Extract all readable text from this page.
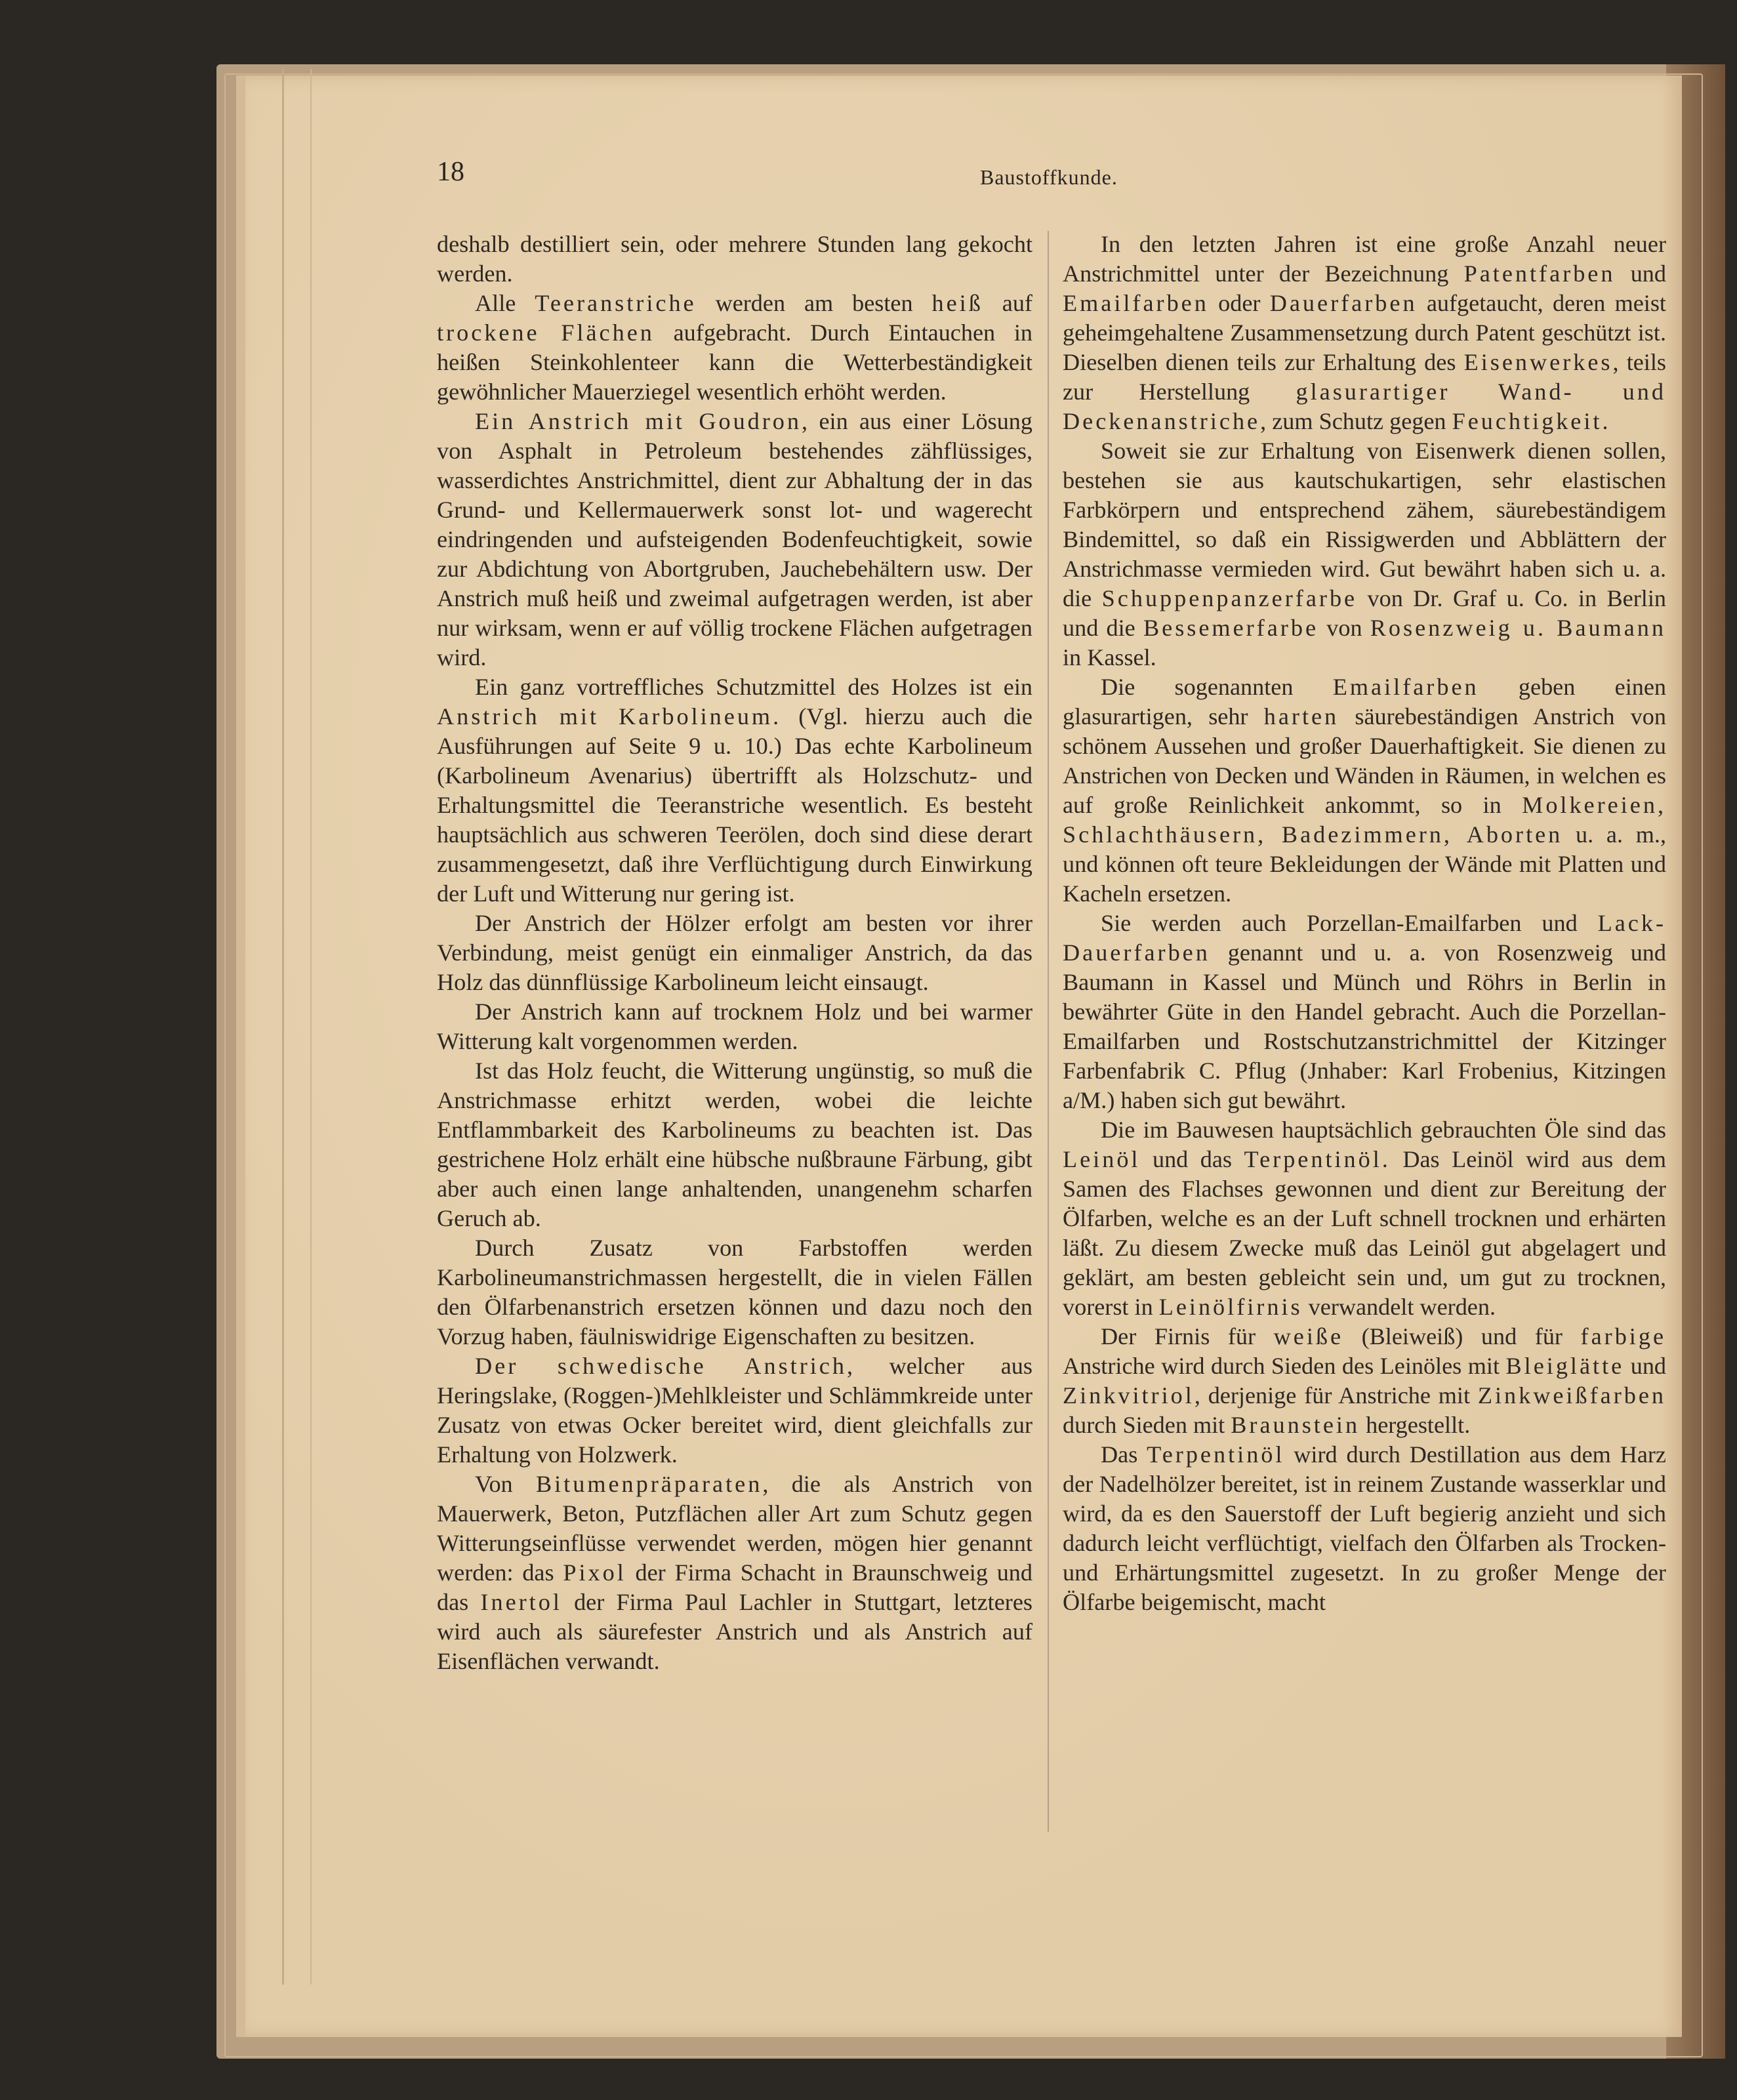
18	Baustoffkunde.

deshalb destilliert sein, oder mehrere Stunden lang gekocht werden.

Alle Teeranstriche werden am besten heiß auf trockene Flächen aufgebracht. Durch Eintauchen in heißen Steinkohlenteer kann die Wetterbeständigkeit gewöhnlicher Mauerziegel wesentlich erhöht werden.

Ein Anstrich mit Goudron, ein aus einer Lösung von Asphalt in Petroleum bestehendes zähflüssiges, wasserdichtes Anstrichmittel, dient zur Abhaltung der in das Grund- und Kellermauerwerk sonst lot- und wagerecht eindringenden und aufsteigenden Bodenfeuchtigkeit, sowie zur Abdichtung von Abortgruben, Jauchebehältern usw. Der Anstrich muß heiß und zweimal aufgetragen werden, ist aber nur wirksam, wenn er auf völlig trockene Flächen aufgetragen wird.

Ein ganz vortreffliches Schutzmittel des Holzes ist ein Anstrich mit Karbolineum. (Vgl. hierzu auch die Ausführungen auf Seite 9 u. 10.) Das echte Karbolineum (Karbolineum Avenarius) übertrifft als Holzschutz- und Erhaltungsmittel die Teeranstriche wesentlich. Es besteht hauptsächlich aus schweren Teerölen, doch sind diese derart zusammengesetzt, daß ihre Verflüchtigung durch Einwirkung der Luft und Witterung nur gering ist.

Der Anstrich der Hölzer erfolgt am besten vor ihrer Verbindung, meist genügt ein einmaliger Anstrich, da das Holz das dünnflüssige Karbolineum leicht einsaugt.

Der Anstrich kann auf trocknem Holz und bei warmer Witterung kalt vorgenommen werden.

Ist das Holz feucht, die Witterung ungünstig, so muß die Anstrichmasse erhitzt werden, wobei die leichte Entflammbarkeit des Karbolineums zu beachten ist. Das gestrichene Holz erhält eine hübsche nußbraune Färbung, gibt aber auch einen lange anhaltenden, unangenehm scharfen Geruch ab.

Durch Zusatz von Farbstoffen werden Karbolineumanstrichmassen hergestellt, die in vielen Fällen den Ölfarbenanstrich ersetzen können und dazu noch den Vorzug haben, fäulniswidrige Eigenschaften zu besitzen.

Der schwedische Anstrich, welcher aus Heringslake, (Roggen-)Mehlkleister und Schlämmkreide unter Zusatz von etwas Ocker bereitet wird, dient gleichfalls zur Erhaltung von Holzwerk.

Von Bitumenpräparaten, die als Anstrich von Mauerwerk, Beton, Putzflächen aller Art zum Schutz gegen Witterungseinflüsse verwendet werden, mögen hier genannt werden: das Pixol der Firma Schacht in Braunschweig und das Inertol der Firma Paul Lachler in Stuttgart, letzteres wird auch als säurefester Anstrich und als Anstrich auf Eisenflächen verwandt.

In den letzten Jahren ist eine große Anzahl neuer Anstrichmittel unter der Bezeichnung Patentfarben und Emailfarben oder Dauerfarben aufgetaucht, deren meist geheimgehaltene Zusammensetzung durch Patent geschützt ist. Dieselben dienen teils zur Erhaltung des Eisenwerkes, teils zur Herstellung glasurartiger Wand- und Deckenanstriche, zum Schutz gegen Feuchtigkeit.

Soweit sie zur Erhaltung von Eisenwerk dienen sollen, bestehen sie aus kautschukartigen, sehr elastischen Farbkörpern und entsprechend zähem, säurebeständigem Bindemittel, so daß ein Rissigwerden und Abblättern der Anstrichmasse vermieden wird. Gut bewährt haben sich u. a. die Schuppenpanzerfarbe von Dr. Graf u. Co. in Berlin und die Bessemerfarbe von Rosenzweig u. Baumann in Kassel.

Die sogenannten Emailfarben geben einen glasurartigen, sehr harten säurebeständigen Anstrich von schönem Aussehen und großer Dauerhaftigkeit. Sie dienen zu Anstrichen von Decken und Wänden in Räumen, in welchen es auf große Reinlichkeit ankommt, so in Molkereien, Schlachthäusern, Badezimmern, Aborten u. a. m., und können oft teure Bekleidungen der Wände mit Platten und Kacheln ersetzen.

Sie werden auch Porzellan-Emailfarben und Lack-Dauerfarben genannt und u. a. von Rosenzweig und Baumann in Kassel und Münch und Röhrs in Berlin in bewährter Güte in den Handel gebracht. Auch die Porzellan-Emailfarben und Rostschutzanstrichmittel der Kitzinger Farbenfabrik C. Pflug (Jnhaber: Karl Frobenius, Kitzingen a/M.) haben sich gut bewährt.

Die im Bauwesen hauptsächlich gebrauchten Öle sind das Leinöl und das Terpentinöl. Das Leinöl wird aus dem Samen des Flachses gewonnen und dient zur Bereitung der Ölfarben, welche es an der Luft schnell trocknen und erhärten läßt. Zu diesem Zwecke muß das Leinöl gut abgelagert und geklärt, am besten gebleicht sein und, um gut zu trocknen, vorerst in Leinölfirnis verwandelt werden.

Der Firnis für weiße (Bleiweiß) und für farbige Anstriche wird durch Sieden des Leinöles mit Bleiglätte und Zinkvitriol, derjenige für Anstriche mit Zinkweißfarben durch Sieden mit Braunstein hergestellt.

Das Terpentinöl wird durch Destillation aus dem Harz der Nadelhölzer bereitet, ist in reinem Zustande wasserklar und wird, da es den Sauerstoff der Luft begierig anzieht und sich dadurch leicht verflüchtigt, vielfach den Ölfarben als Trocken- und Erhärtungsmittel zugesetzt. In zu großer Menge der Ölfarbe beigemischt, macht
